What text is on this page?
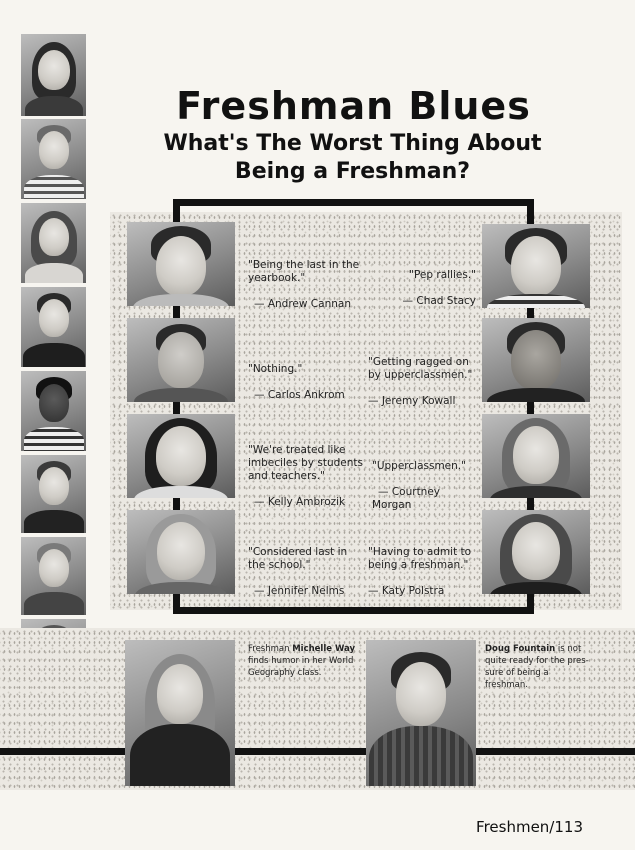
Freshman Blues
What's The Worst Thing About
Being a Freshman?

"Being the last in the yearbook."

— Andrew Cannan

"Nothing."

— Carlos Ankrom

"We're treated like imbeciles by students and teachers."

— Kelly Ambrozik

"Considered last in the school."

— Jennifer Nelms

"Pep rallies."

— Chad Stacy

"Getting ragged on by upperclassmen."

— Jeremy Kowall

"Upperclassmen."

— Courtney Morgan

"Having to admit to being a freshman."

— Katy Polstra

Freshman Michelle Way finds humor in her World Geography class.
Doug Fountain is not quite ready for the pres-sure of being a freshman.
Freshmen/113
